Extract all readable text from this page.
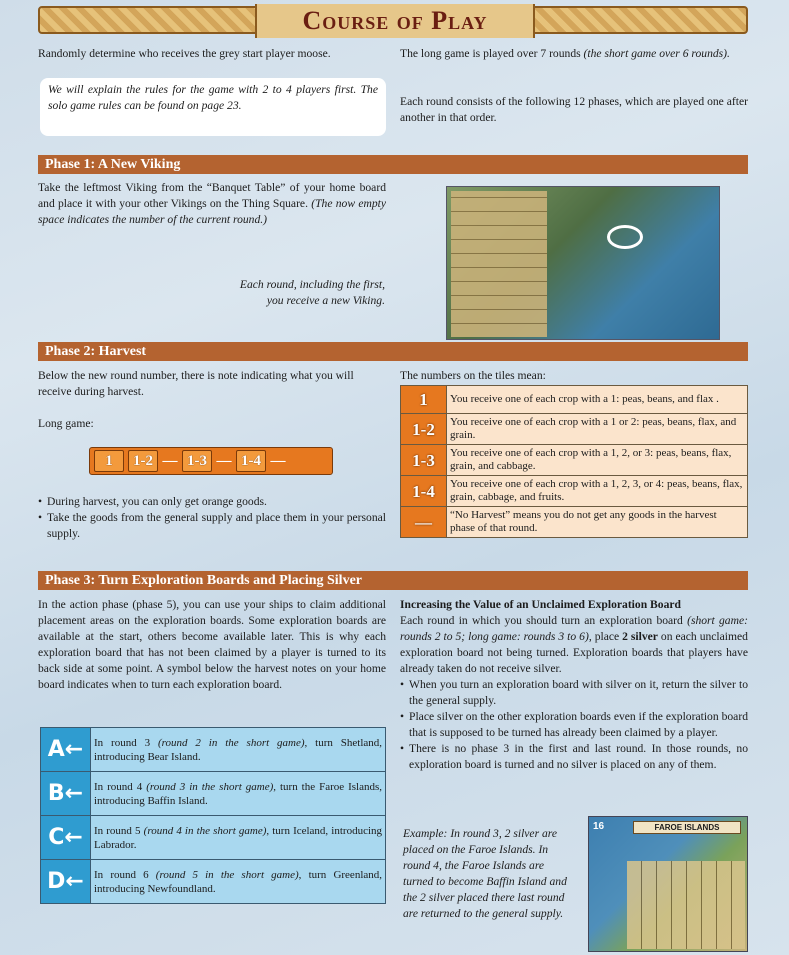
Course of Play

Randomly determine who receives the grey start player moose.

We will explain the rules for the game with 2 to 4 players first. The solo game rules can be found on page 23.

The long game is played over 7 rounds (the short game over 6 rounds).

Each round consists of the following 12 phases, which are played one after another in that order.

Phase 1: A New Viking

Take the leftmost Viking from the “Banquet Table” of your home board and place it with your other Vikings on the Thing Square. (The now empty space indicates the number of the current round.)

Each round, including the first,
you receive a new Viking.

Phase 2: Harvest

Below the new round number, there is note indicating what you will receive during harvest.

Long game:

1	1-2 — 1-3 — 1-4 —
• During harvest, you can only get orange goods.
• Take the goods from the general supply and place them in your personal supply.

The numbers on the tiles mean:

1	You receive one of each crop with a 1: peas, beans, and flax .
1-2	You receive one of each crop with a 1 or 2: peas, beans, flax, and grain.
1-3	You receive one of each crop with a 1, 2, or 3: peas, beans, flax, grain, and cabbage.
1-4	You receive one of each crop with a 1, 2, 3, or 4: peas, beans, flax, grain, cabbage, and fruits.
—	“No Harvest” means you do not get any goods in the harvest phase of that round.
Phase 3: Turn Exploration Boards and Placing Silver

In the action phase (phase 5), you can use your ships to claim additional placement areas on the exploration boards. Some exploration boards are available at the start, others become available later. This is why each exploration board that has not been claimed by a player is turned to its back side at some point. A symbol below the harvest notes on your home board indicates when to turn each exploration board.

A←	In round 3 (round 2 in the short game), turn Shetland, introducing Bear Island.
B←	In round 4 (round 3 in the short game), turn the Faroe Islands, introducing Baffin Island.
C←	In round 5 (round 4 in the short game), turn Iceland, introducing Labrador.
D←	In round 6 (round 5 in the short game), turn Greenland, introducing Newfoundland.

Increasing the Value of an Unclaimed Exploration Board

Each round in which you should turn an exploration board (short game: rounds 2 to 5; long game: rounds 3 to 6), place 2 silver on each unclaimed exploration board not being turned. Exploration boards that players have already taken do not receive silver.

• When you turn an exploration board with silver on it, return the silver to the general supply.
• Place silver on the other exploration boards even if the exploration board that is supposed to be turned has already been claimed by a player.
• There is no phase 3 in the first and last round. In those rounds, no exploration board is turned and no silver is placed on any of them.

Example: In round 3, 2 silver are placed on the Faroe Islands. In round 4, the Faroe Islands are turned to become Baffin Island and the 2 silver placed there last round are returned to the general supply.

16	FAROE ISLANDS
